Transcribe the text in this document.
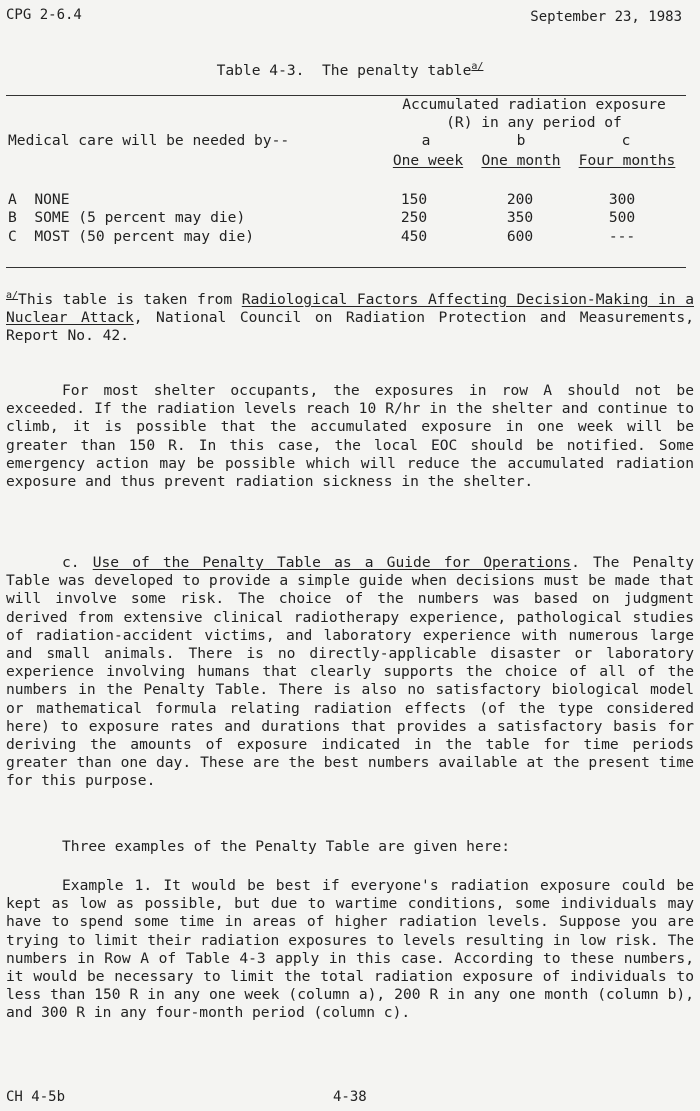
CPG 2-6.4	September 23, 1983
Table 4-3.  The penalty table$^{a/}$
Medical care will be needed by--
Accumulated radiation exposure
(R) in any period of
a	b	c
One week	One month	Four months
A  NONE	150	200	300
B  SOME (5 percent may die)	250	350	500
C  MOST (50 percent may die)	450	600	---
$^{a/}$This table is taken from Radiological Factors Affecting Decision-Making in a Nuclear Attack, National Council on Radiation Protection and Measurements, Report No. 42.
For most shelter occupants, the exposures in row A should not be exceeded. If the radiation levels reach 10 R/hr in the shelter and continue to climb, it is possible that the accumulated exposure in one week will be greater than 150 R. In this case, the local EOC should be notified. Some emergency action may be possible which will reduce the accumulated radiation exposure and thus prevent radiation sickness in the shelter.
c. Use of the Penalty Table as a Guide for Operations. The Penalty Table was developed to provide a simple guide when decisions must be made that will involve some risk. The choice of the numbers was based on judgment derived from extensive clinical radiotherapy experience, pathological studies of radiation-accident victims, and laboratory experience with numerous large and small animals. There is no directly-applicable disaster or laboratory experience involving humans that clearly supports the choice of all of the numbers in the Penalty Table. There is also no satisfactory biological model or mathematical formula relating radiation effects (of the type considered here) to exposure rates and durations that provides a satisfactory basis for deriving the amounts of exposure indicated in the table for time periods greater than one day. These are the best numbers available at the present time for this purpose.
Three examples of the Penalty Table are given here:
Example 1. It would be best if everyone's radiation exposure could be kept as low as possible, but due to wartime conditions, some individuals may have to spend some time in areas of higher radiation levels. Suppose you are trying to limit their radiation exposures to levels resulting in low risk. The numbers in Row A of Table 4-3 apply in this case. According to these numbers, it would be necessary to limit the total radiation exposure of individuals to less than 150 R in any one week (column a), 200 R in any one month (column b), and 300 R in any four-month period (column c).
CH 4-5b	4-38
